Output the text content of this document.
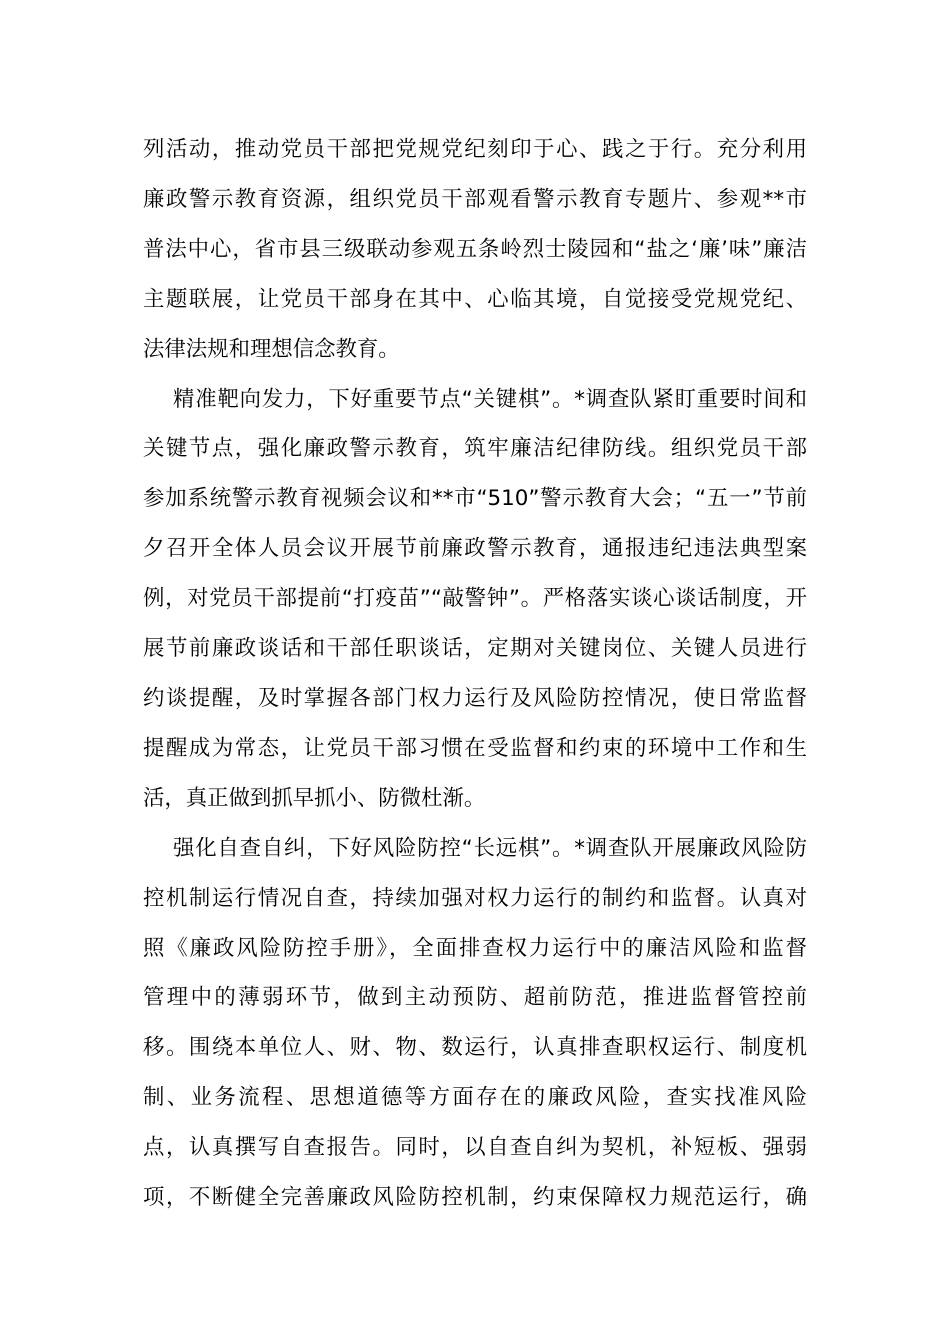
列活动，推动党员干部把党规党纪刻印于心、践之于行。充分利用
廉政警示教育资源，组织党员干部观看警示教育专题片、参观**市
普法中心，省市县三级联动参观五条岭烈士陵园和“盐之‘廉’味”廉洁
主题联展，让党员干部身在其中、心临其境，自觉接受党规党纪、
法律法规和理想信念教育。
精准靶向发力，下好重要节点“关键棋”。*调查队紧盯重要时间和
关键节点，强化廉政警示教育，筑牢廉洁纪律防线。组织党员干部
参加系统警示教育视频会议和**市“510”警示教育大会；“五一”节前
夕召开全体人员会议开展节前廉政警示教育，通报违纪违法典型案
例，对党员干部提前“打疫苗”“敲警钟”。严格落实谈心谈话制度，开
展节前廉政谈话和干部任职谈话，定期对关键岗位、关键人员进行
约谈提醒，及时掌握各部门权力运行及风险防控情况，使日常监督
提醒成为常态，让党员干部习惯在受监督和约束的环境中工作和生
活，真正做到抓早抓小、防微杜渐。
强化自查自纠，下好风险防控“长远棋”。*调查队开展廉政风险防
控机制运行情况自查，持续加强对权力运行的制约和监督。认真对
照《廉政风险防控手册》，全面排查权力运行中的廉洁风险和监督
管理中的薄弱环节，做到主动预防、超前防范，推进监督管控前
移。围绕本单位人、财、物、数运行，认真排查职权运行、制度机
制、业务流程、思想道德等方面存在的廉政风险，查实找准风险
点，认真撰写自查报告。同时，以自查自纠为契机，补短板、强弱
项，不断健全完善廉政风险防控机制，约束保障权力规范运行，确
